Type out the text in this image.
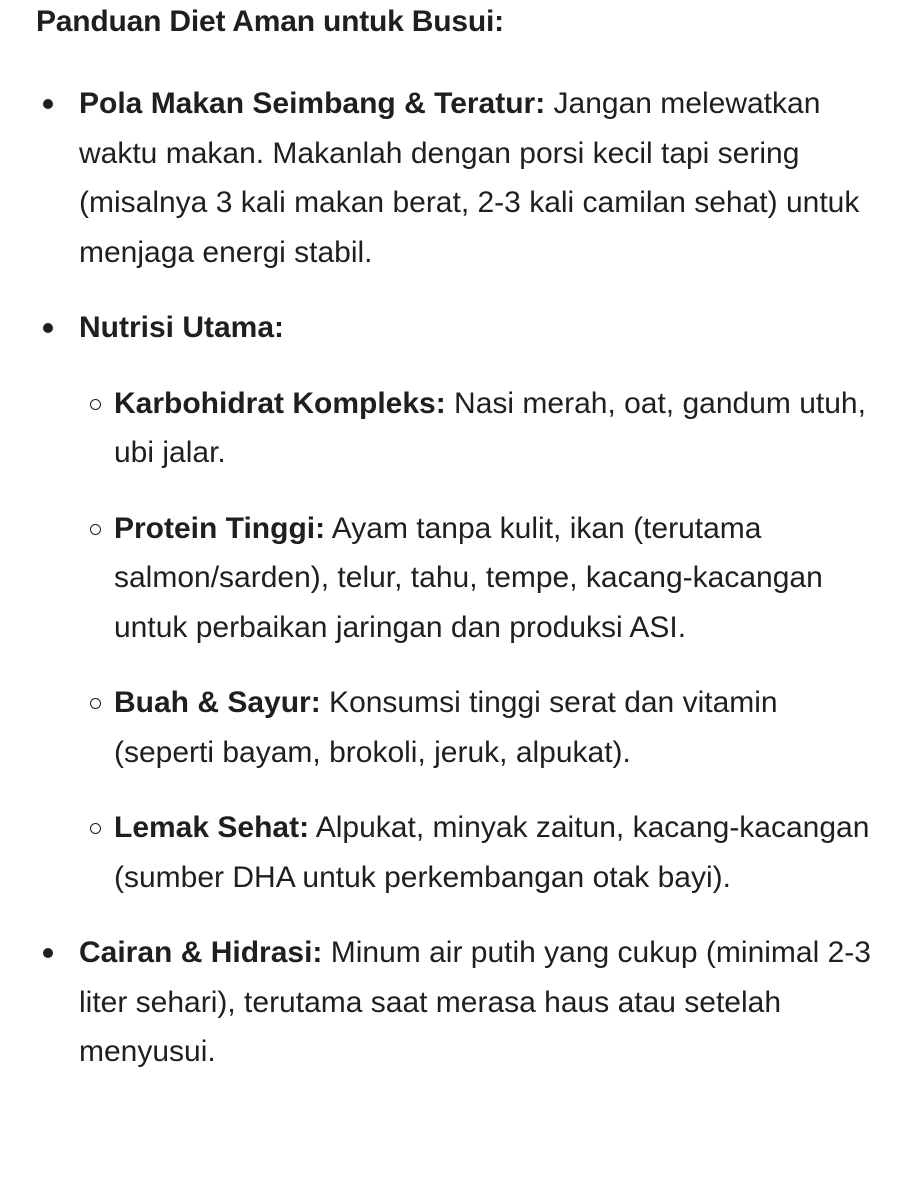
Panduan Diet Aman untuk Busui:
Pola Makan Seimbang & Teratur: Jangan melewatkan waktu makan. Makanlah dengan porsi kecil tapi sering (misalnya 3 kali makan berat, 2-3 kali camilan sehat) untuk menjaga energi stabil.
Nutrisi Utama:
Karbohidrat Kompleks: Nasi merah, oat, gandum utuh, ubi jalar.
Protein Tinggi: Ayam tanpa kulit, ikan (terutama salmon/sarden), telur, tahu, tempe, kacang-kacangan untuk perbaikan jaringan dan produksi ASI.
Buah & Sayur: Konsumsi tinggi serat dan vitamin (seperti bayam, brokoli, jeruk, alpukat).
Lemak Sehat: Alpukat, minyak zaitun, kacang-kacangan (sumber DHA untuk perkembangan otak bayi).
Cairan & Hidrasi: Minum air putih yang cukup (minimal 2-3 liter sehari), terutama saat merasa haus atau setelah menyusui.
